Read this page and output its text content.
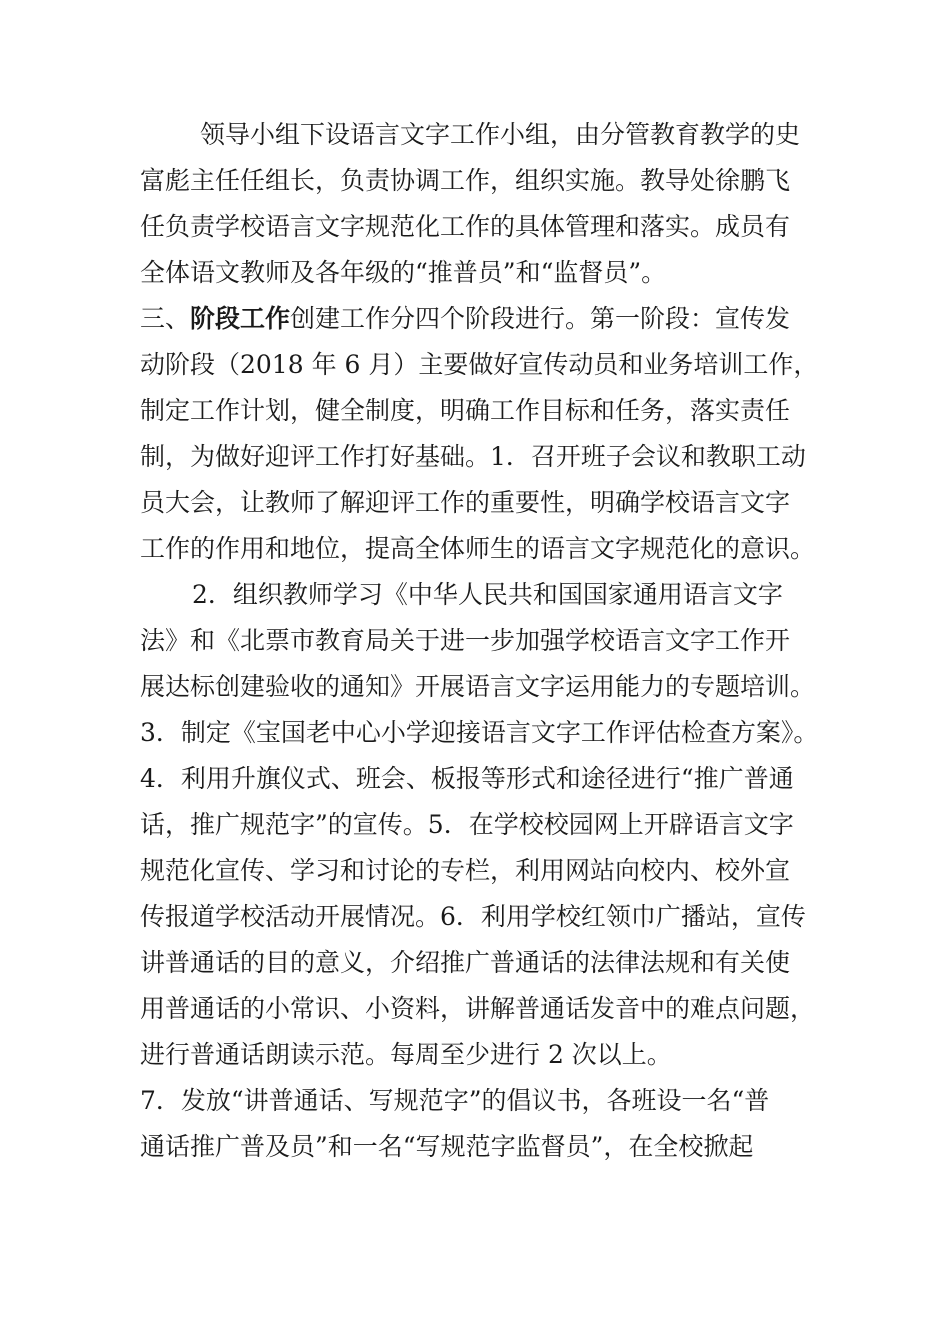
领导小组下设语言文字工作小组，由分管教育教学的史
富彪主任任组长，负责协调工作，组织实施。教导处徐鹏飞
任负责学校语言文字规范化工作的具体管理和落实。成员有
全体语文教师及各年级的“推普员”和“监督员”。
三、阶段工作创建工作分四个阶段进行。第一阶段：宣传发
动阶段（2018 年 6 月）主要做好宣传动员和业务培训工作，
制定工作计划，健全制度，明确工作目标和任务，落实责任
制，为做好迎评工作打好基础。1．召开班子会议和教职工动
员大会，让教师了解迎评工作的重要性，明确学校语言文字
工作的作用和地位，提高全体师生的语言文字规范化的意识。
2．组织教师学习《中华人民共和国国家通用语言文字
法》和《北票市教育局关于进一步加强学校语言文字工作开
展达标创建验收的通知》开展语言文字运用能力的专题培训。
3．制定《宝国老中心小学迎接语言文字工作评估检查方案》。
4．利用升旗仪式、班会、板报等形式和途径进行“推广普通
话，推广规范字”的宣传。5．在学校校园网上开辟语言文字
规范化宣传、学习和讨论的专栏，利用网站向校内、校外宣
传报道学校活动开展情况。6．利用学校红领巾广播站，宣传
讲普通话的目的意义，介绍推广普通话的法律法规和有关使
用普通话的小常识、小资料，讲解普通话发音中的难点问题，
进行普通话朗读示范。每周至少进行 2 次以上。
7．发放“讲普通话、写规范字”的倡议书，各班设一名“普
通话推广普及员”和一名“写规范字监督员”，在全校掀起
